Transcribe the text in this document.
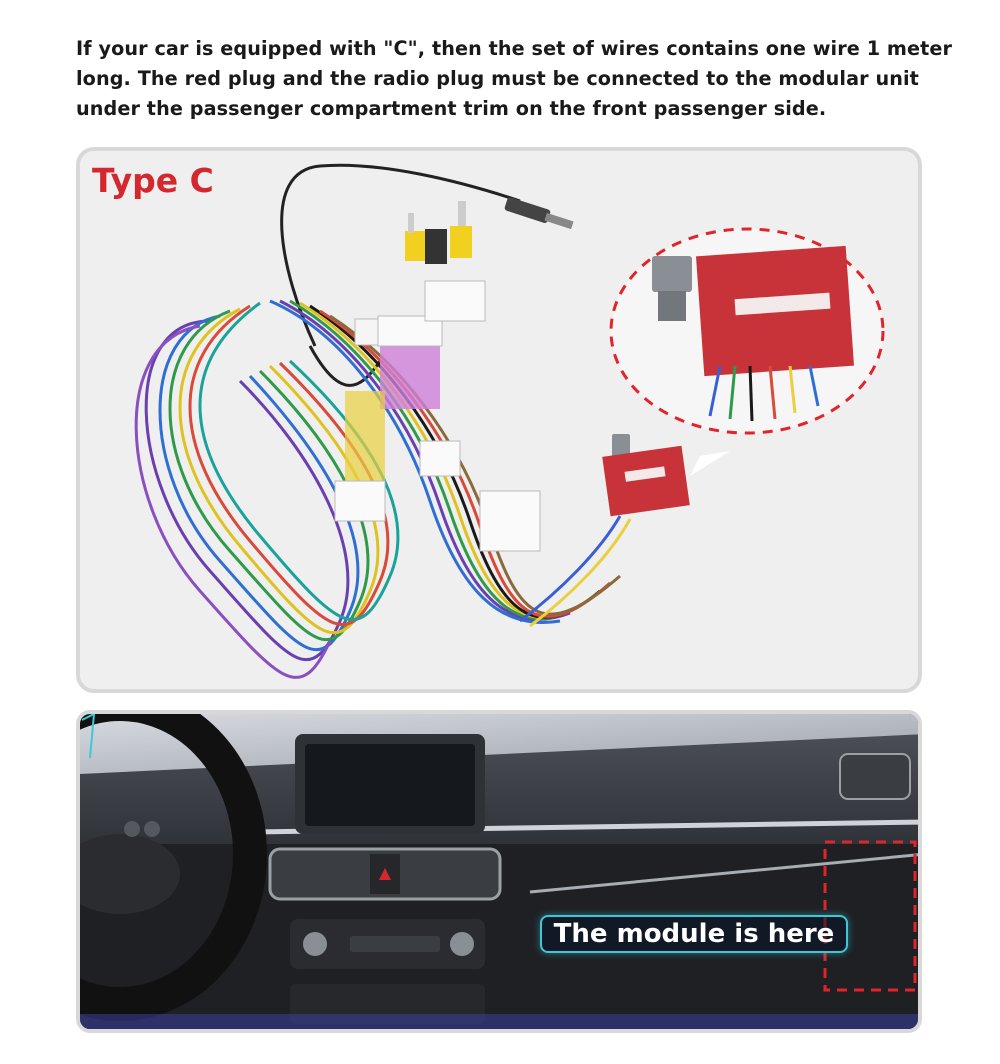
If your car is equipped with "C", then the set of wires contains one wire 1 meter long. The red plug and the radio plug must be connected to the modular unit under the passenger compartment trim on the front passenger side.
Type C
The module is here
